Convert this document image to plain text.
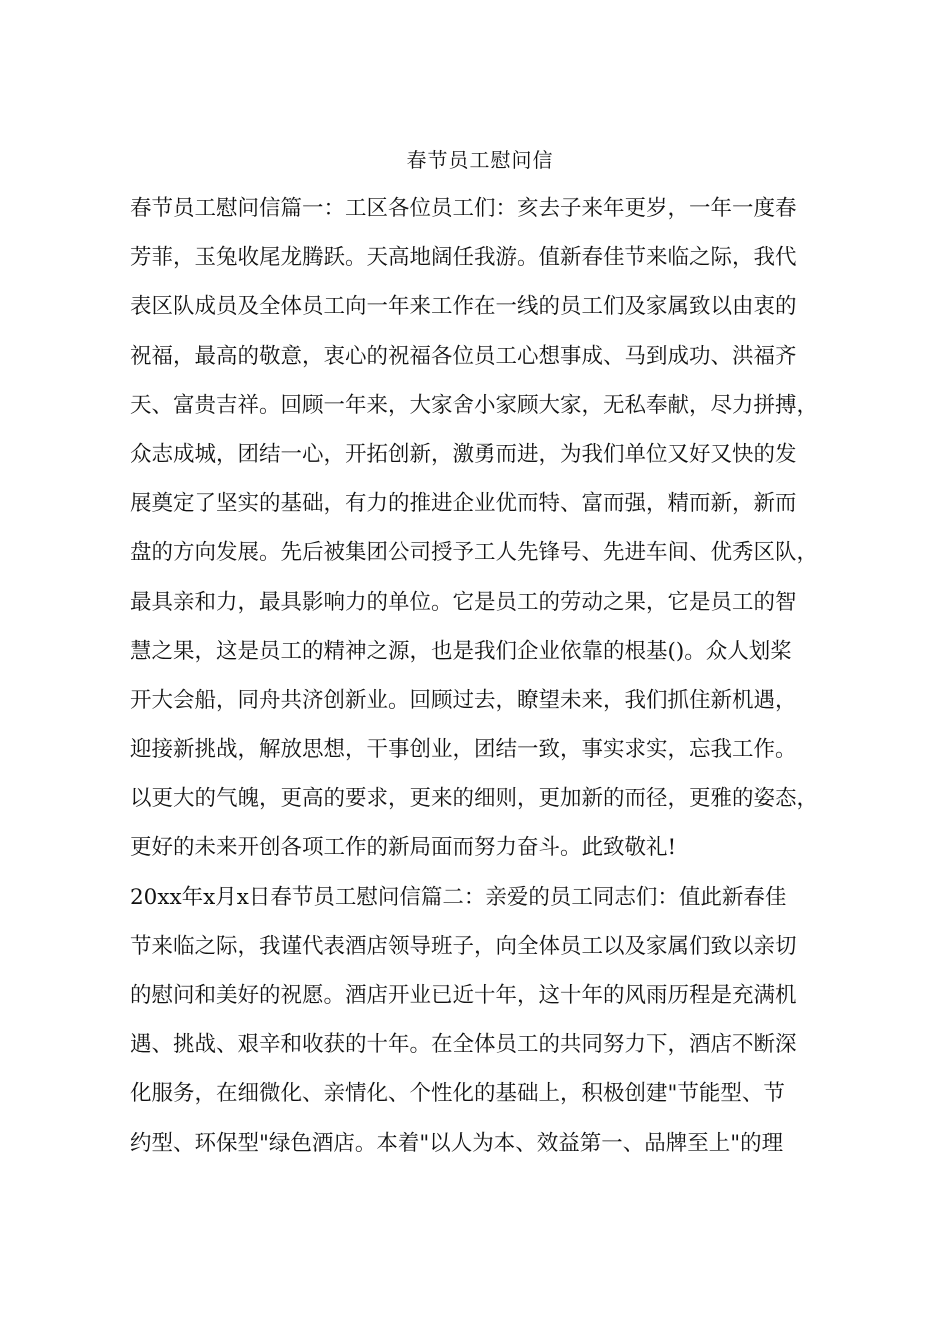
春节员工慰问信

春节员工慰问信篇一：工区各位员工们：亥去子来年更岁，一年一度春

芳菲，玉兔收尾龙腾跃。天高地阔任我游。值新春佳节来临之际，我代

表区队成员及全体员工向一年来工作在一线的员工们及家属致以由衷的

祝福，最高的敬意，衷心的祝福各位员工心想事成、马到成功、洪福齐

天、富贵吉祥。回顾一年来，大家舍小家顾大家，无私奉献，尽力拼搏，

众志成城，团结一心，开拓创新，激勇而进，为我们单位又好又快的发

展奠定了坚实的基础，有力的推进企业优而特、富而强，精而新，新而

盘的方向发展。先后被集团公司授予工人先锋号、先进车间、优秀区队，

最具亲和力，最具影响力的单位。它是员工的劳动之果，它是员工的智

慧之果，这是员工的精神之源，也是我们企业依靠的根基()。众人划桨

开大会船，同舟共济创新业。回顾过去，瞭望未来，我们抓住新机遇，

迎接新挑战，解放思想，干事创业，团结一致，事实求实，忘我工作。

以更大的气魄，更高的要求，更来的细则，更加新的而径，更雅的姿态，

更好的未来开创各项工作的新局面而努力奋斗。此致敬礼!

20xx年x月x日春节员工慰问信篇二：亲爱的员工同志们：值此新春佳

节来临之际，我谨代表酒店领导班子，向全体员工以及家属们致以亲切

的慰问和美好的祝愿。酒店开业已近十年，这十年的风雨历程是充满机

遇、挑战、艰辛和收获的十年。在全体员工的共同努力下，酒店不断深

化服务，在细微化、亲情化、个性化的基础上，积极创建"节能型、节

约型、环保型"绿色酒店。本着"以人为本、效益第一、品牌至上"的理
